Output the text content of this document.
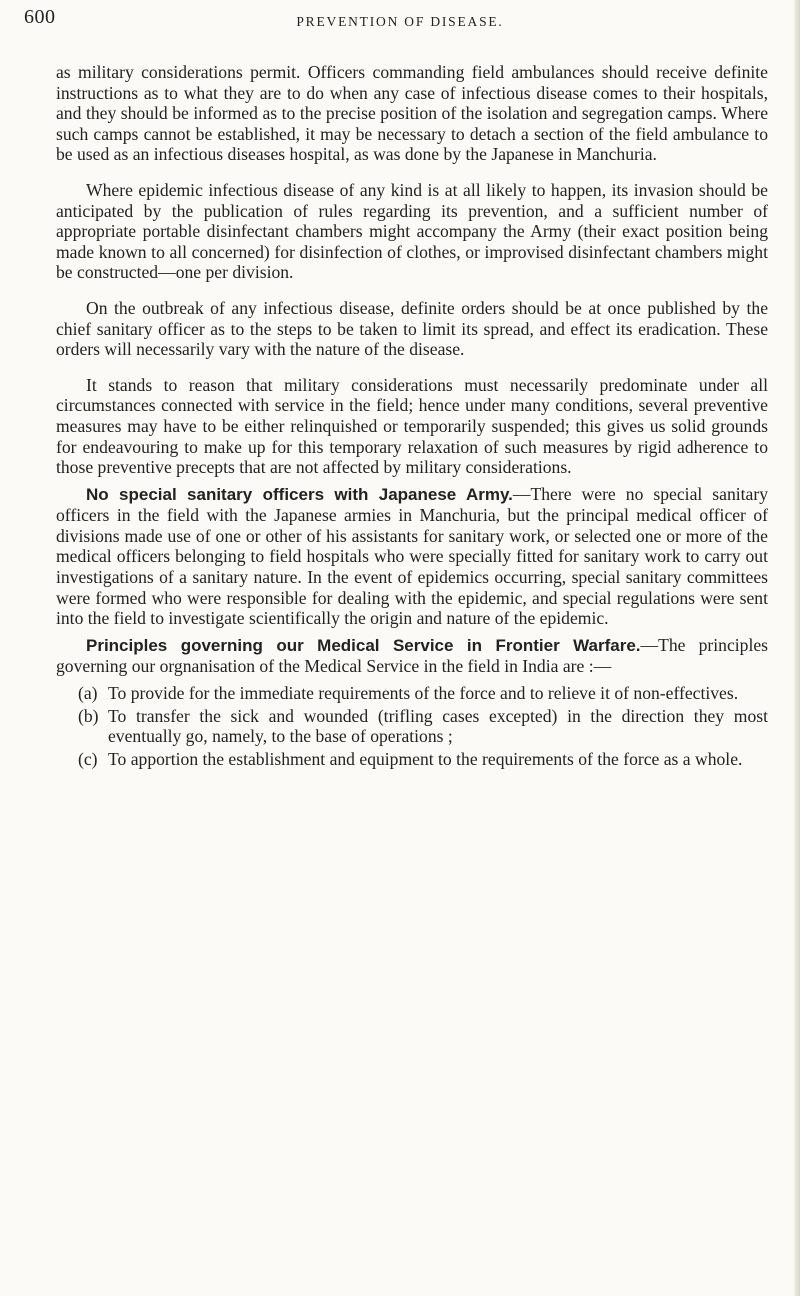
600	PREVENTION OF DISEASE.

as military considerations permit. Officers commanding field ambulances should receive definite instructions as to what they are to do when any case of infectious disease comes to their hospitals, and they should be informed as to the precise position of the isolation and segregation camps. Where such camps cannot be established, it may be necessary to detach a section of the field ambulance to be used as an infectious diseases hospital, as was done by the Japanese in Manchuria.

Where epidemic infectious disease of any kind is at all likely to happen, its invasion should be anticipated by the publication of rules regarding its prevention, and a sufficient number of appropriate portable disinfectant chambers might accompany the Army (their exact position being made known to all concerned) for disinfection of clothes, or improvised disinfectant chambers might be constructed—one per division.

On the outbreak of any infectious disease, definite orders should be at once published by the chief sanitary officer as to the steps to be taken to limit its spread, and effect its eradication. These orders will necessarily vary with the nature of the disease.

It stands to reason that military considerations must necessarily predominate under all circumstances connected with service in the field; hence under many conditions, several preventive measures may have to be either relinquished or temporarily suspended; this gives us solid grounds for endeavouring to make up for this temporary relaxation of such measures by rigid adherence to those preventive precepts that are not affected by military considerations.

No special sanitary officers with Japanese Army.—There were no special sanitary officers in the field with the Japanese armies in Manchuria, but the principal medical officer of divisions made use of one or other of his assistants for sanitary work, or selected one or more of the medical officers belonging to field hospitals who were specially fitted for sanitary work to carry out investigations of a sanitary nature. In the event of epidemics occurring, special sanitary committees were formed who were responsible for dealing with the epidemic, and special regulations were sent into the field to investigate scientifically the origin and nature of the epidemic.

Principles governing our Medical Service in Frontier Warfare.—The principles governing our orgnanisation of the Medical Service in the field in India are :—

(a) To provide for the immediate requirements of the force and to relieve it of non-effectives.
(b) To transfer the sick and wounded (trifling cases excepted) in the direction they most eventually go, namely, to the base of operations ;
(c) To apportion the establishment and equipment to the requirements of the force as a whole.
